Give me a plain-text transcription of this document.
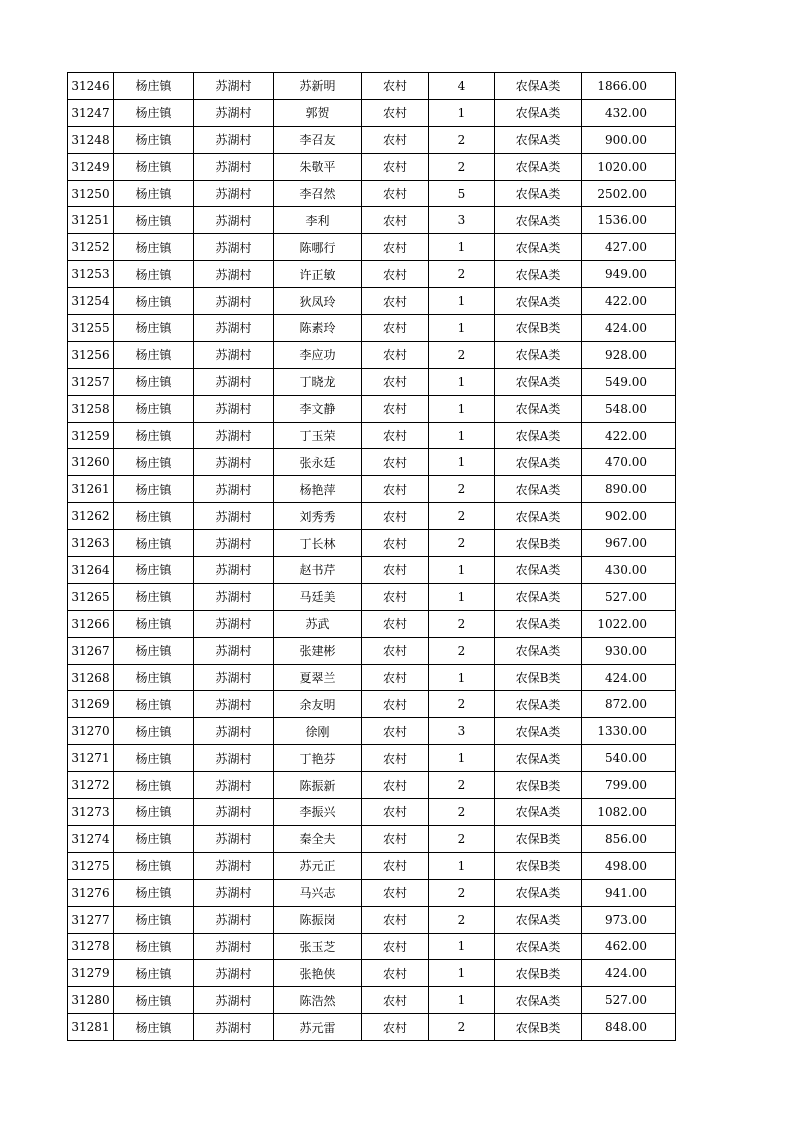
31246	杨庄镇	苏湖村	苏新明	农村	4	农保A类	1866.00
31247	杨庄镇	苏湖村	郭贺	农村	1	农保A类	432.00
31248	杨庄镇	苏湖村	李召友	农村	2	农保A类	900.00
31249	杨庄镇	苏湖村	朱敬平	农村	2	农保A类	1020.00
31250	杨庄镇	苏湖村	李召然	农村	5	农保A类	2502.00
31251	杨庄镇	苏湖村	李利	农村	3	农保A类	1536.00
31252	杨庄镇	苏湖村	陈哪行	农村	1	农保A类	427.00
31253	杨庄镇	苏湖村	许正敏	农村	2	农保A类	949.00
31254	杨庄镇	苏湖村	狄凤玲	农村	1	农保A类	422.00
31255	杨庄镇	苏湖村	陈素玲	农村	1	农保B类	424.00
31256	杨庄镇	苏湖村	李应功	农村	2	农保A类	928.00
31257	杨庄镇	苏湖村	丁晓龙	农村	1	农保A类	549.00
31258	杨庄镇	苏湖村	李文静	农村	1	农保A类	548.00
31259	杨庄镇	苏湖村	丁玉荣	农村	1	农保A类	422.00
31260	杨庄镇	苏湖村	张永廷	农村	1	农保A类	470.00
31261	杨庄镇	苏湖村	杨艳萍	农村	2	农保A类	890.00
31262	杨庄镇	苏湖村	刘秀秀	农村	2	农保A类	902.00
31263	杨庄镇	苏湖村	丁长林	农村	2	农保B类	967.00
31264	杨庄镇	苏湖村	赵书芹	农村	1	农保A类	430.00
31265	杨庄镇	苏湖村	马廷美	农村	1	农保A类	527.00
31266	杨庄镇	苏湖村	苏武	农村	2	农保A类	1022.00
31267	杨庄镇	苏湖村	张建彬	农村	2	农保A类	930.00
31268	杨庄镇	苏湖村	夏翠兰	农村	1	农保B类	424.00
31269	杨庄镇	苏湖村	余友明	农村	2	农保A类	872.00
31270	杨庄镇	苏湖村	徐刚	农村	3	农保A类	1330.00
31271	杨庄镇	苏湖村	丁艳芬	农村	1	农保A类	540.00
31272	杨庄镇	苏湖村	陈振新	农村	2	农保B类	799.00
31273	杨庄镇	苏湖村	李振兴	农村	2	农保A类	1082.00
31274	杨庄镇	苏湖村	秦全夫	农村	2	农保B类	856.00
31275	杨庄镇	苏湖村	苏元正	农村	1	农保B类	498.00
31276	杨庄镇	苏湖村	马兴志	农村	2	农保A类	941.00
31277	杨庄镇	苏湖村	陈振岗	农村	2	农保A类	973.00
31278	杨庄镇	苏湖村	张玉芝	农村	1	农保A类	462.00
31279	杨庄镇	苏湖村	张艳侠	农村	1	农保B类	424.00
31280	杨庄镇	苏湖村	陈浩然	农村	1	农保A类	527.00
31281	杨庄镇	苏湖村	苏元雷	农村	2	农保B类	848.00
